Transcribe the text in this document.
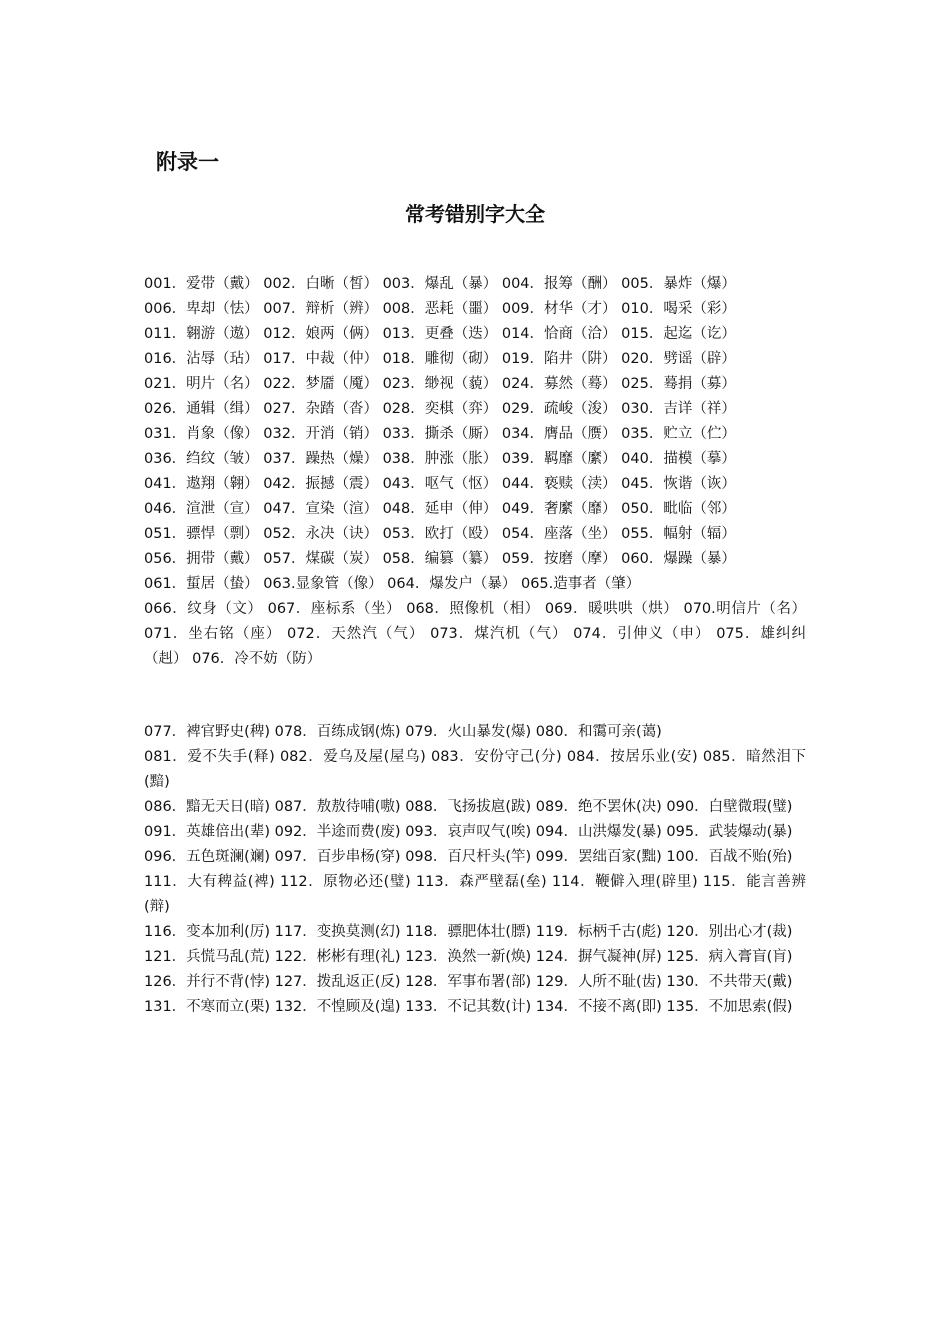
附录一
常考错别字大全

001．爱带（戴） 002．白晰（皙） 003．爆乱（暴） 004．报筹（酬） 005．暴炸（爆）

006．卑却（怯） 007．辩析（辨） 008．恶耗（噩） 009．材华（才） 010．喝采（彩）

011．翱游（遨） 012．娘两（俩） 013．更叠（迭） 014．恰商（洽） 015．起迄（讫）

016．沾辱（玷） 017．中裁（仲） 018．雕彻（砌） 019．陷井（阱） 020．劈谣（辟）

021．明片（名） 022．梦靥（魇） 023．缈视（藐） 024．募然（蓦） 025．蓦捐（募）

026．通辑（缉） 027．杂踏（沓） 028．奕棋（弈） 029．疏峻（浚） 030．吉详（祥）

031．肖象（像） 032．开消（销） 033．撕杀（厮） 034．膺品（赝） 035．贮立（伫）

036．绉纹（皱） 037．躁热（燥） 038．肿涨（胀） 039．羁靡（縻） 040．描模（摹）

041．遨翔（翱） 042．振撼（震） 043．呕气（怄） 044．亵赎（渎） 045．恢谐（诙）

046．渲泄（宣） 047．宣染（渲） 048．延申（伸） 049．奢縻（靡） 050．毗临（邻）

051．骠悍（剽） 052．永决（诀） 053．欧打（殴） 054．座落（坐） 055．幅射（辐）

056．拥带（戴） 057．煤碳（炭） 058．编篡（纂） 059．按磨（摩） 060．爆躁（暴）

061．蜇居（蛰） 063.显象管（像） 064．爆发户（暴） 065.造事者（肇）

066．纹身（文） 067．座标系（坐） 068．照像机（相） 069．暖哄哄（烘） 070.明信片（名） 071．坐右铭（座） 072．天然汽（气） 073．煤汽机（气） 074．引伸义（申） 075．雄纠纠（赳） 076．冷不妨（防）

077．裨官野史(稗) 078．百练成钢(炼) 079．火山暴发(爆) 080．和霭可亲(蔼)

081．爱不失手(释) 082．爱乌及屋(屋乌) 083．安份守己(分) 084．按居乐业(安) 085．暗然泪下(黯)

086．黯无天日(暗) 087．敖敖待哺(嗷) 088．飞扬拔扈(跋) 089．绝不罢休(决) 090．白壁微瑕(璧)

091．英雄倍出(辈) 092．半途而费(废) 093．哀声叹气(唉) 094．山洪爆发(暴) 095．武装爆动(暴)

096．五色斑澜(斓) 097．百步串杨(穿) 098．百尺杆头(竿) 099．罢绌百家(黜) 100．百战不贻(殆)

111．大有稗益(裨) 112．原物必还(璧) 113．森严壁磊(垒) 114．鞭僻入理(辟里) 115．能言善辨(辩)

116．变本加利(厉) 117．变换莫测(幻) 118．骠肥体壮(膘) 119．标柄千古(彪) 120．别出心才(裁)

121．兵慌马乱(荒) 122．彬彬有理(礼) 123．涣然一新(焕) 124．摒气凝神(屏) 125．病入膏盲(肓)

126．并行不背(悖) 127．拨乱返正(反) 128．军事布署(部) 129．人所不耻(齿) 130．不共带天(戴)

131．不寒而立(栗) 132．不惶顾及(遑) 133．不记其数(计) 134．不接不离(即) 135．不加思索(假)
